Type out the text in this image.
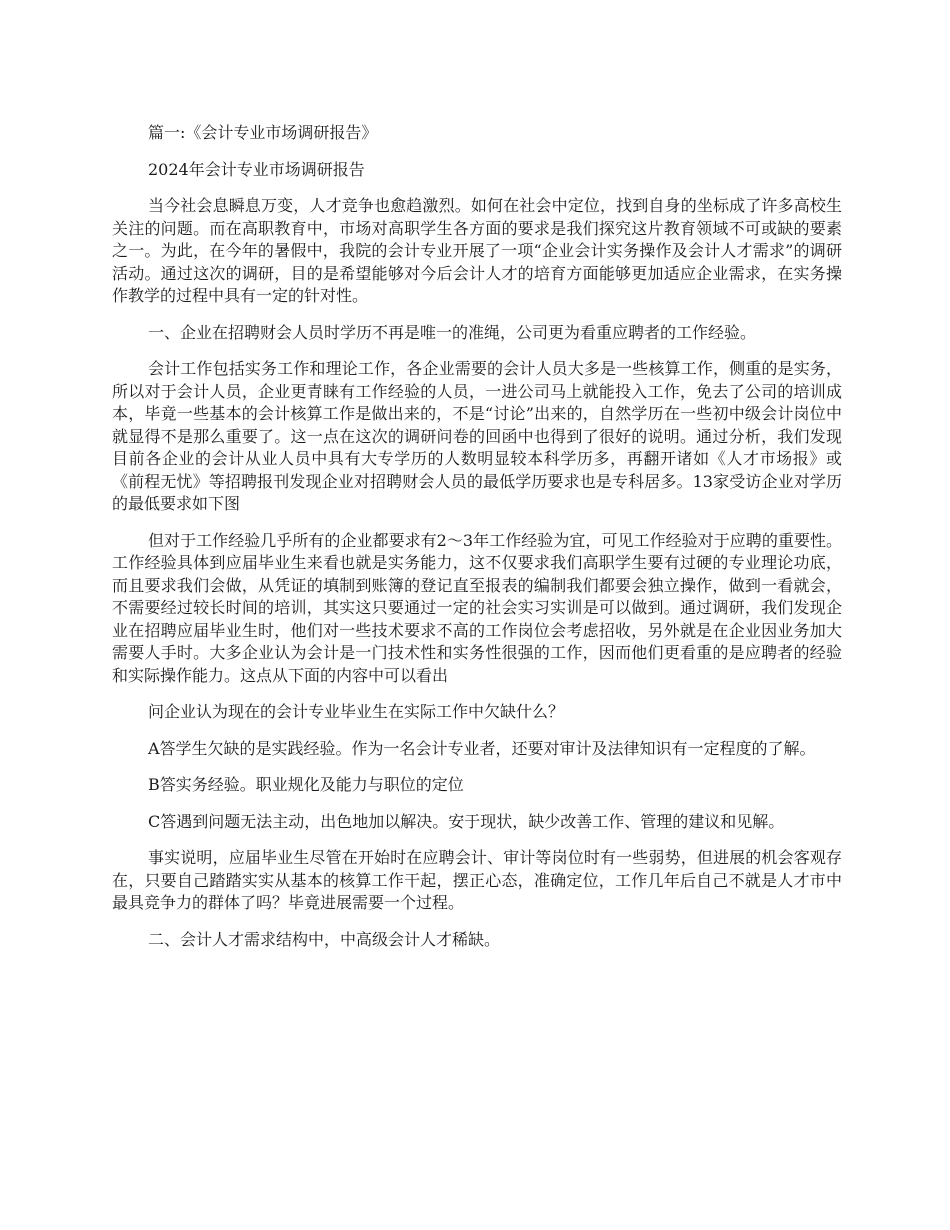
篇一:《会计专业市场调研报告》

2024年会计专业市场调研报告

当今社会息瞬息万变，人才竞争也愈趋激烈。如何在社会中定位，找到自身的坐标成了许多高校生关注的问题。而在高职教育中，市场对高职学生各方面的要求是我们探究这片教育领域不可或缺的要素之一。为此，在今年的暑假中，我院的会计专业开展了一项“企业会计实务操作及会计人才需求”的调研活动。通过这次的调研，目的是希望能够对今后会计人才的培育方面能够更加适应企业需求，在实务操作教学的过程中具有一定的针对性。

一、企业在招聘财会人员时学历不再是唯一的准绳，公司更为看重应聘者的工作经验。

会计工作包括实务工作和理论工作，各企业需要的会计人员大多是一些核算工作，侧重的是实务，所以对于会计人员，企业更青睐有工作经验的人员，一进公司马上就能投入工作，免去了公司的培训成本，毕竟一些基本的会计核算工作是做出来的，不是“讨论”出来的，自然学历在一些初中级会计岗位中就显得不是那么重要了。这一点在这次的调研问卷的回函中也得到了很好的说明。通过分析，我们发现目前各企业的会计从业人员中具有大专学历的人数明显较本科学历多，再翻开诸如《人才市场报》或《前程无忧》等招聘报刊发现企业对招聘财会人员的最低学历要求也是专科居多。13家受访企业对学历的最低要求如下图

但对于工作经验几乎所有的企业都要求有2～3年工作经验为宜，可见工作经验对于应聘的重要性。工作经验具体到应届毕业生来看也就是实务能力，这不仅要求我们高职学生要有过硬的专业理论功底，而且要求我们会做，从凭证的填制到账簿的登记直至报表的编制我们都要会独立操作，做到一看就会，不需要经过较长时间的培训，其实这只要通过一定的社会实习实训是可以做到。通过调研，我们发现企业在招聘应届毕业生时，他们对一些技术要求不高的工作岗位会考虑招收，另外就是在企业因业务加大需要人手时。大多企业认为会计是一门技术性和实务性很强的工作，因而他们更看重的是应聘者的经验和实际操作能力。这点从下面的内容中可以看出

问企业认为现在的会计专业毕业生在实际工作中欠缺什么？

A答学生欠缺的是实践经验。作为一名会计专业者，还要对审计及法律知识有一定程度的了解。

B答实务经验。职业规化及能力与职位的定位

C答遇到问题无法主动，出色地加以解决。安于现状，缺少改善工作、管理的建议和见解。

事实说明，应届毕业生尽管在开始时在应聘会计、审计等岗位时有一些弱势，但进展的机会客观存在，只要自己踏踏实实从基本的核算工作干起，摆正心态，准确定位，工作几年后自己不就是人才市中最具竞争力的群体了吗？毕竟进展需要一个过程。

二、会计人才需求结构中，中高级会计人才稀缺。
